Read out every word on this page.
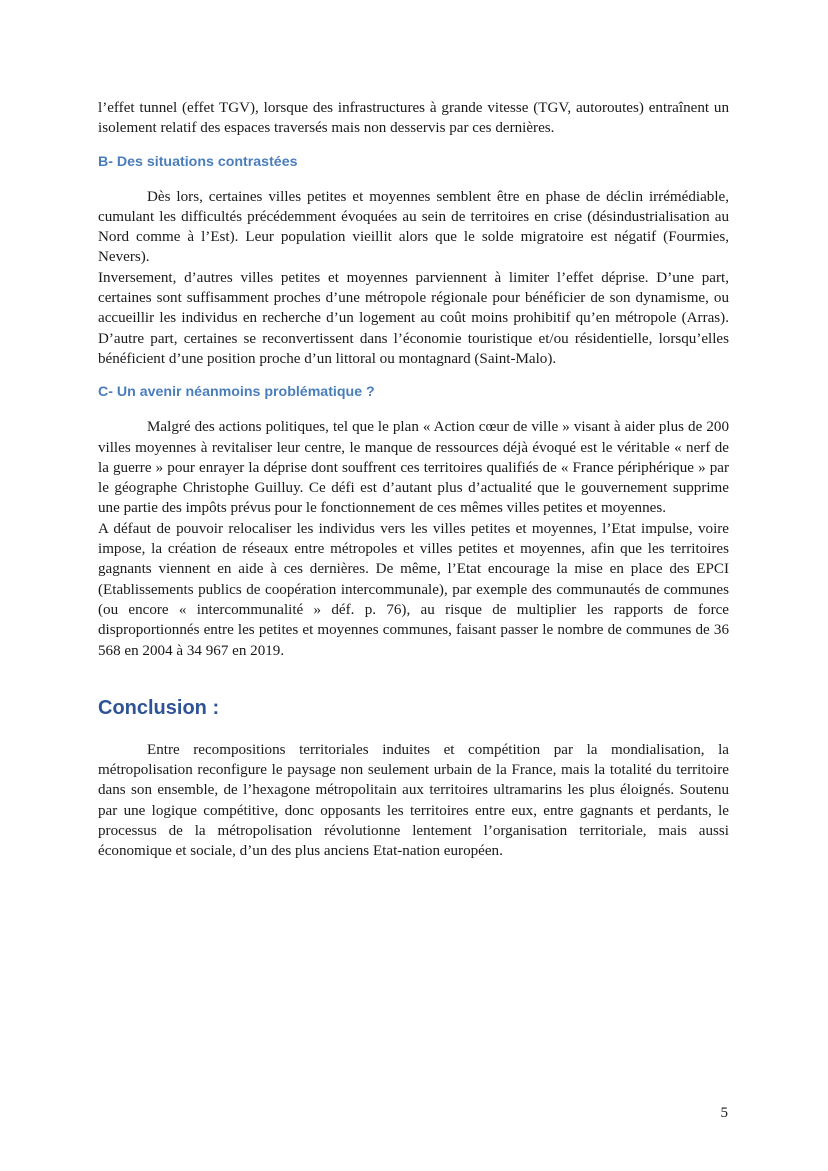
l’effet tunnel (effet TGV), lorsque des infrastructures à grande vitesse (TGV, autoroutes) entraînent un isolement relatif des espaces traversés mais non desservis par ces dernières.

B- Des situations contrastées

Dès lors, certaines villes petites et moyennes semblent être en phase de déclin irrémédiable, cumulant les difficultés précédemment évoquées au sein de territoires en crise (désindustrialisation au Nord comme à l’Est). Leur population vieillit alors que le solde migratoire est négatif (Fourmies, Nevers).

Inversement, d’autres villes petites et moyennes parviennent à limiter l’effet déprise. D’une part, certaines sont suffisamment proches d’une métropole régionale pour bénéficier de son dynamisme, ou accueillir les individus en recherche d’un logement au coût moins prohibitif qu’en métropole (Arras). D’autre part, certaines se reconvertissent dans l’économie touristique et/ou résidentielle, lorsqu’elles bénéficient d’une position proche d’un littoral ou montagnard (Saint-Malo).

C- Un avenir néanmoins problématique ?

Malgré des actions politiques, tel que le plan « Action cœur de ville » visant à aider plus de 200 villes moyennes à revitaliser leur centre, le manque de ressources déjà évoqué est le véritable « nerf de la guerre » pour enrayer la déprise dont souffrent ces territoires qualifiés de « France périphérique » par le géographe Christophe Guilluy. Ce défi est d’autant plus d’actualité que le gouvernement supprime une partie des impôts prévus pour le fonctionnement de ces mêmes villes petites et moyennes.

A défaut de pouvoir relocaliser les individus vers les villes petites et moyennes, l’Etat impulse, voire impose, la création de réseaux entre métropoles et villes petites et moyennes, afin que les territoires gagnants viennent en aide à ces dernières. De même, l’Etat encourage la mise en place des EPCI (Etablissements publics de coopération intercommunale), par exemple des communautés de communes (ou encore « intercommunalité » déf. p. 76), au risque de multiplier les rapports de force disproportionnés entre les petites et moyennes communes, faisant passer le nombre de communes de 36 568 en 2004 à 34 967 en 2019.

Conclusion :

Entre recompositions territoriales induites et compétition par la mondialisation, la métropolisation reconfigure le paysage non seulement urbain de la France, mais la totalité du territoire dans son ensemble, de l’hexagone métropolitain aux territoires ultramarins les plus éloignés. Soutenu par une logique compétitive, donc opposants les territoires entre eux, entre gagnants et perdants, le processus de la métropolisation révolutionne lentement l’organisation territoriale, mais aussi économique et sociale, d’un des plus anciens Etat-nation européen.

5
